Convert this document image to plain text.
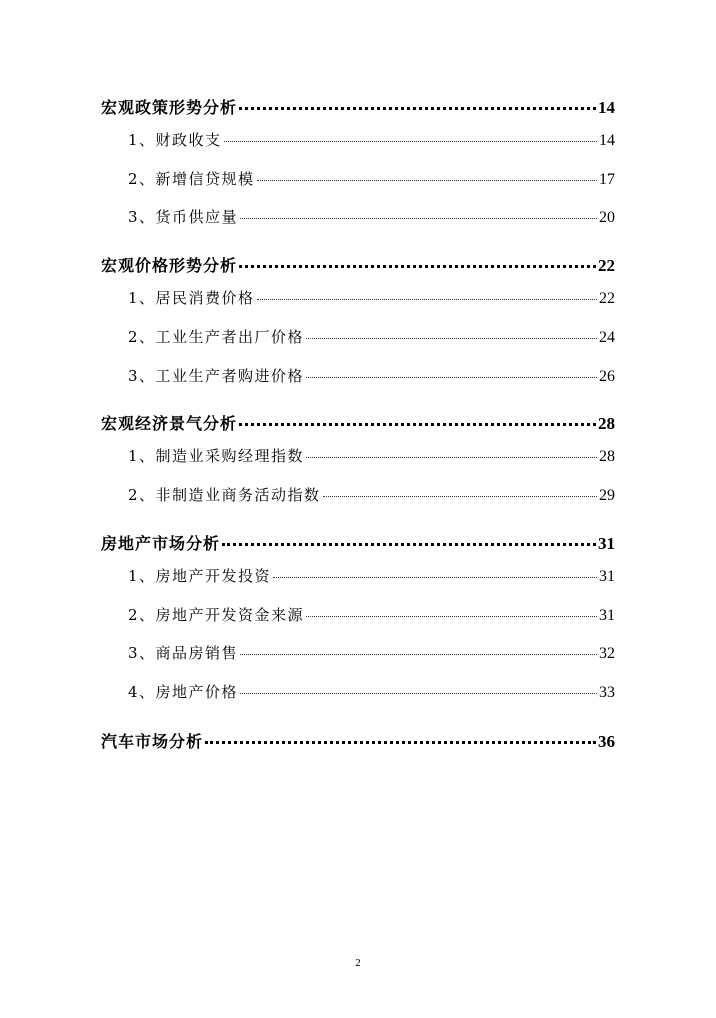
宏观政策形势分析	14
1、财政收支	14
2、新增信贷规模	17
3、货币供应量	20
宏观价格形势分析	22
1、居民消费价格	22
2、工业生产者出厂价格	24
3、工业生产者购进价格	26
宏观经济景气分析	28
1、制造业采购经理指数	28
2、非制造业商务活动指数	29
房地产市场分析	31
1、房地产开发投资	31
2、房地产开发资金来源	31
3、商品房销售	32
4、房地产价格	33
汽车市场分析	36
2
